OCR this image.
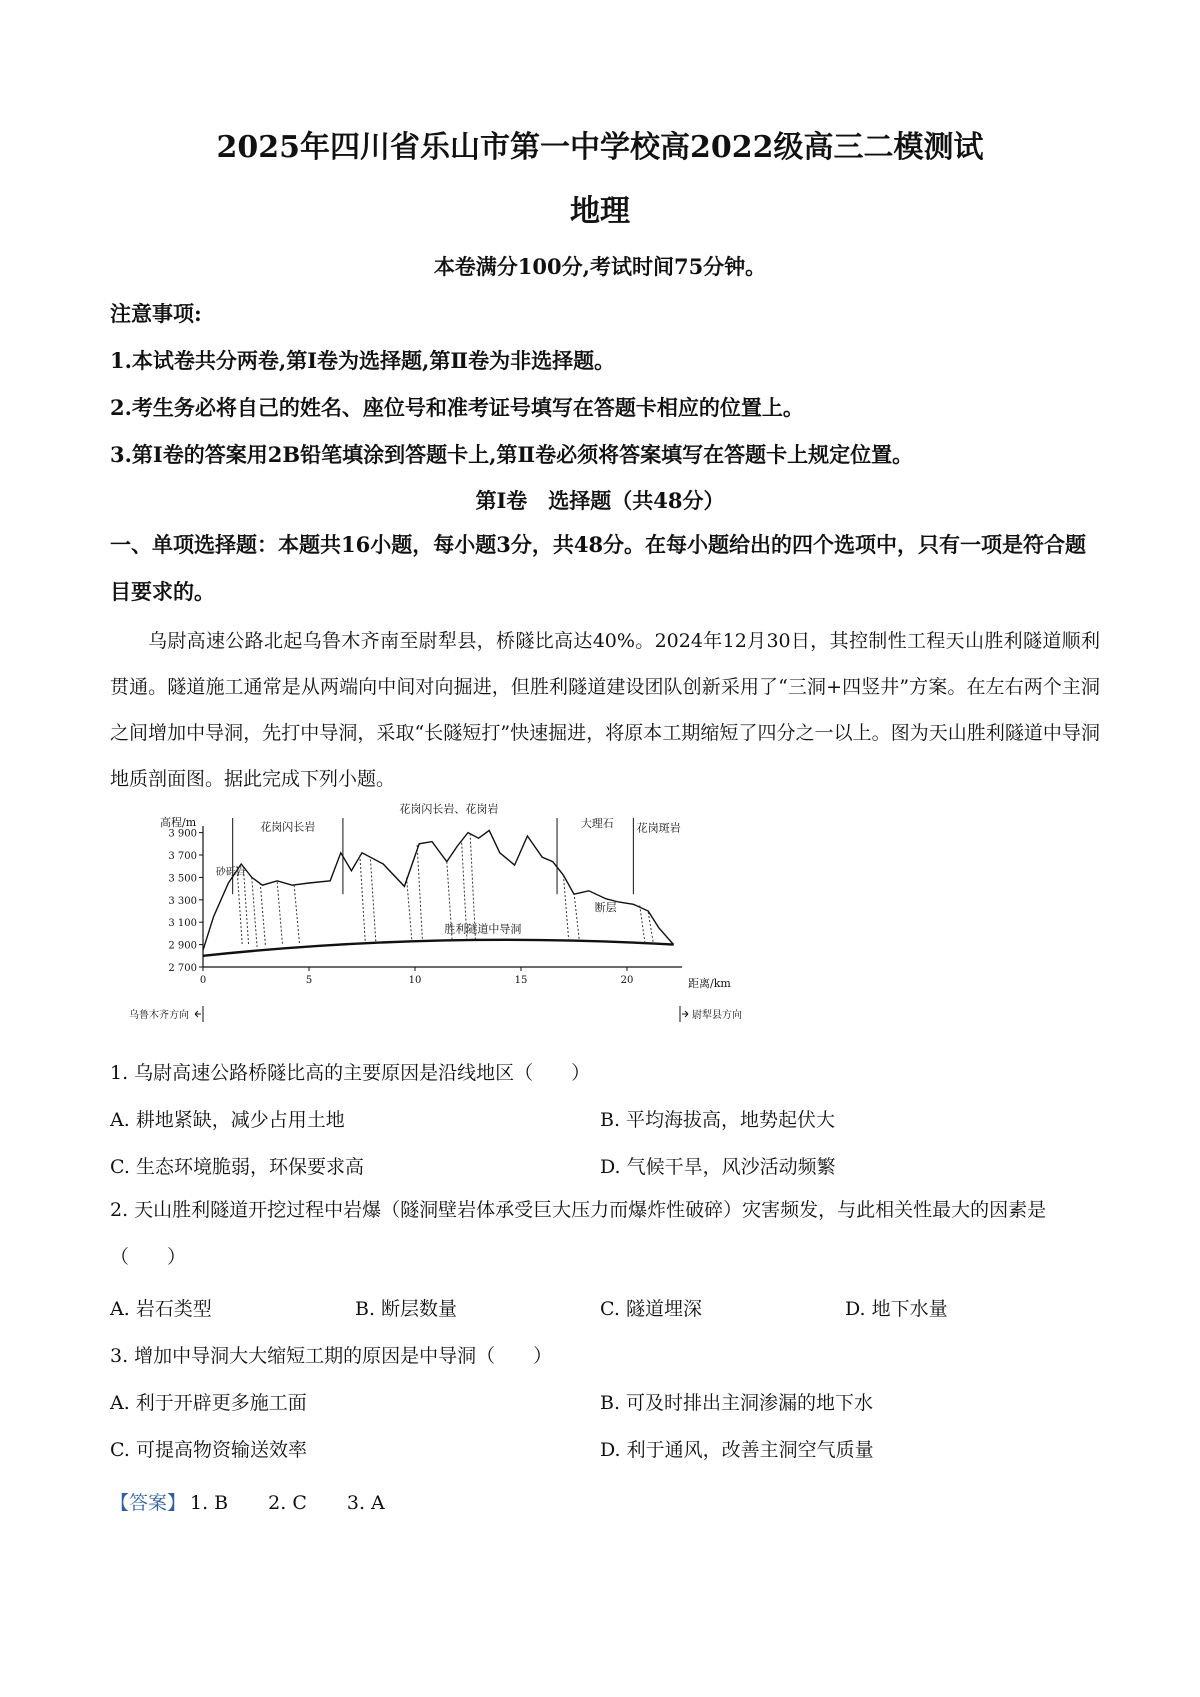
2025年四川省乐山市第一中学校高2022级高三二模测试
地理
本卷满分100分,考试时间75分钟。
注意事项:
1.本试卷共分两卷,第Ⅰ卷为选择题,第Ⅱ卷为非选择题。
2.考生务必将自己的姓名、座位号和准考证号填写在答题卡相应的位置上。
3.第Ⅰ卷的答案用2B铅笔填涂到答题卡上,第Ⅱ卷必须将答案填写在答题卡上规定位置。
第Ⅰ卷　选择题（共48分）
一、单项选择题：本题共16小题，每小题3分，共48分。在每小题给出的四个选项中，只有一项是符合题目要求的。

乌尉高速公路北起乌鲁木齐南至尉犁县，桥隧比高达40%。2024年12月30日，其控制性工程天山胜利隧道顺利贯通。隧道施工通常是从两端向中间对向掘进，但胜利隧道建设团队创新采用了“三洞+四竖井”方案。在左右两个主洞之间增加中导洞，先打中导洞，采取“长隧短打”快速掘进，将原本工期缩短了四分之一以上。图为天山胜利隧道中导洞地质剖面图。据此完成下列小题。

高程/m
距离/km
3 900
3 700
3 500
3 300
3 100
2 900
2 700
0	5	10	15	20
胜利隧道中导洞
砂砾岩
花岗闪长岩
花岗闪长岩、花岗岩
大理石 花岗斑岩
断层
乌鲁木齐方向	尉犁县方向
1. 乌尉高速公路桥隧比高的主要原因是沿线地区（　　）
A. 耕地紧缺，减少占用土地	B. 平均海拔高，地势起伏大
C. 生态环境脆弱，环保要求高	D. 气候干旱，风沙活动频繁
2. 天山胜利隧道开挖过程中岩爆（隧洞壁岩体承受巨大压力而爆炸性破碎）灾害频发，与此相关性最大的因素是（　　）
A. 岩石类型	B. 断层数量	C. 隧道埋深	D. 地下水量
3. 增加中导洞大大缩短工期的原因是中导洞（　　）
A. 利于开辟更多施工面	B. 可及时排出主洞渗漏的地下水
C. 可提高物资输送效率	D. 利于通风，改善主洞空气质量
【答案】 1. B 2. C 3. A
